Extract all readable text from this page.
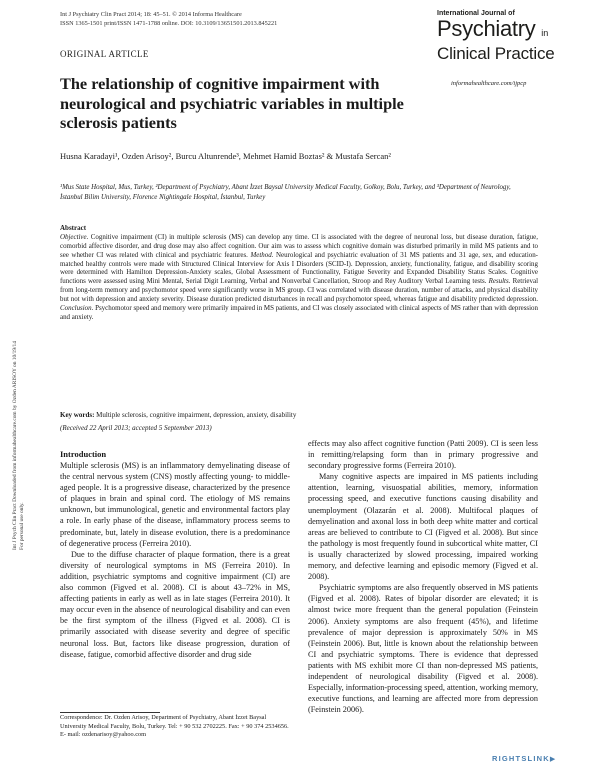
Int J Psychiatry Clin Pract 2014; 18: 45–51. © 2014 Informa Healthcare
ISSN 1365-1501 print/ISSN 1471-1788 online. DOI: 10.3109/13651501.2013.845221
ORIGINAL ARTICLE
International Journal of
Psychiatry in
Clinical Practice
informahealthcare.com/ijpcp
The relationship of cognitive impairment with neurological and psychiatric variables in multiple sclerosis patients
Husna Karadayi¹, Ozden Arisoy², Burcu Altunrende³, Mehmet Hamid Boztas² & Mustafa Sercan²
¹Mus State Hospital, Mus, Turkey, ²Department of Psychiatry, Abant İzzet Baysal University Medical Faculty, Golkoy, Bolu, Turkey, and ³Department of Neurology, İstanbul Bilim University, Florence Nightingale Hospital, İstanbul, Turkey
Abstract
Objective. Cognitive impairment (CI) in multiple sclerosis (MS) can develop any time. CI is associated with the degree of neuronal loss, but disease duration, fatigue, comorbid affective disorder, and drug dose may also affect cognition. Our aim was to assess which cognitive domain was disturbed primarily in mild MS patients and to see whether CI was related with clinical and psychiatric features. Method. Neurological and psychiatric evaluation of 31 MS patients and 31 age, sex, and education-matched healthy controls were made with Structured Clinical Interview for Axis I Disorders (SCID-I). Depression, anxiety, functionality, fatigue, and disability scoring were determined with Hamilton Depression-Anxiety scales, Global Assessment of Functionality, Fatigue Severity and Expanded Disability Status Scales. Cognitive functions were assessed using Mini Mental, Serial Digit Learning, Verbal and Nonverbal Cancellation, Stroop and Rey Auditory Verbal Learning tests. Results. Retrieval from long-term memory and psychomotor speed were significantly worse in MS group. CI was correlated with disease duration, number of attacks, and physical disability but not with depression and anxiety severity. Disease duration predicted disturbances in recall and psychomotor speed, whereas fatigue and disability predicted depression. Conclusion. Psychomotor speed and memory were primarily impaired in MS patients, and CI was closely associated with clinical aspects of MS rather than with depression and anxiety.
Key words: Multiple sclerosis, cognitive impairment, depression, anxiety, disability
(Received 22 April 2013; accepted 5 September 2013)
Int J Psych Clin Pract Downloaded from informahealthcare.com by Ozden ARISOY on 10/19/14 For personal use only.
Introduction

Multiple sclerosis (MS) is an inflammatory demyelinating disease of the central nervous system (CNS) mostly affecting young- to middle-aged people. It is a progressive disease, characterized by the presence of plaques in brain and spinal cord. The etiology of MS remains unknown, but immunological, genetic and environmental factors play a role. In early phase of the disease, inflammatory process seems to predominate, but, lately in disease evolution, there is a predominance of degenerative process (Ferreira 2010).

Due to the diffuse character of plaque formation, there is a great diversity of neurological symptoms in MS (Ferreira 2010). In addition, psychiatric symptoms and cognitive impairment (CI) are also common (Figved et al. 2008). CI is about 43–72% in MS, affecting patients in early as well as in late stages (Ferreira 2010). It may occur even in the absence of neurological disability and can even be the first symptom of the illness (Figved et al. 2008). CI is primarily associated with disease severity and degree of specific neuronal loss. But, factors like disease progression, duration of disease, fatigue, comorbid affective disorder and drug side

effects may also affect cognitive function (Patti 2009). CI is seen less in remitting/relapsing form than in primary progressive and secondary progressive forms (Ferreira 2010).

Many cognitive aspects are impaired in MS patients including attention, learning, visuospatial abilities, memory, information processing speed, and executive functions causing disability and unemployment (Olazarán et al. 2008). Multifocal plaques of demyelination and axonal loss in both deep white matter and cortical areas are believed to contribute to CI (Figved et al. 2008). But since the pathology is most frequently found in subcortical white matter, CI is usually characterized by slowed processing, impaired working memory, and defective learning and episodic memory (Figved et al. 2008).

Psychiatric symptoms are also frequently observed in MS patients (Figved et al. 2008). Rates of bipolar disorder are elevated; it is almost twice more frequent than the general population (Feinstein 2006). Anxiety symptoms are also frequent (45%), and lifetime prevalence of major depression is approximately 50% in MS (Feinstein 2006). But, little is known about the relationship between CI and psychiatric symptoms. There is evidence that depressed patients with MS exhibit more CI than non-depressed MS patients, independent of neurological disability (Figved et al. 2008). Especially, information-processing speed, attention, working memory, executive functions, and learning are affected more from depression (Feinstein 2006).

Correspondence: Dr. Ozden Arisoy, Department of Psychiatry, Abant İzzet Baysal University Medical Faculty, Bolu, Turkey. Tel: + 90 532 2702225. Fax: + 90 374 2534656. E- mail: ozdenarisoy@yahoo.com
RIGHTSLINK▶
